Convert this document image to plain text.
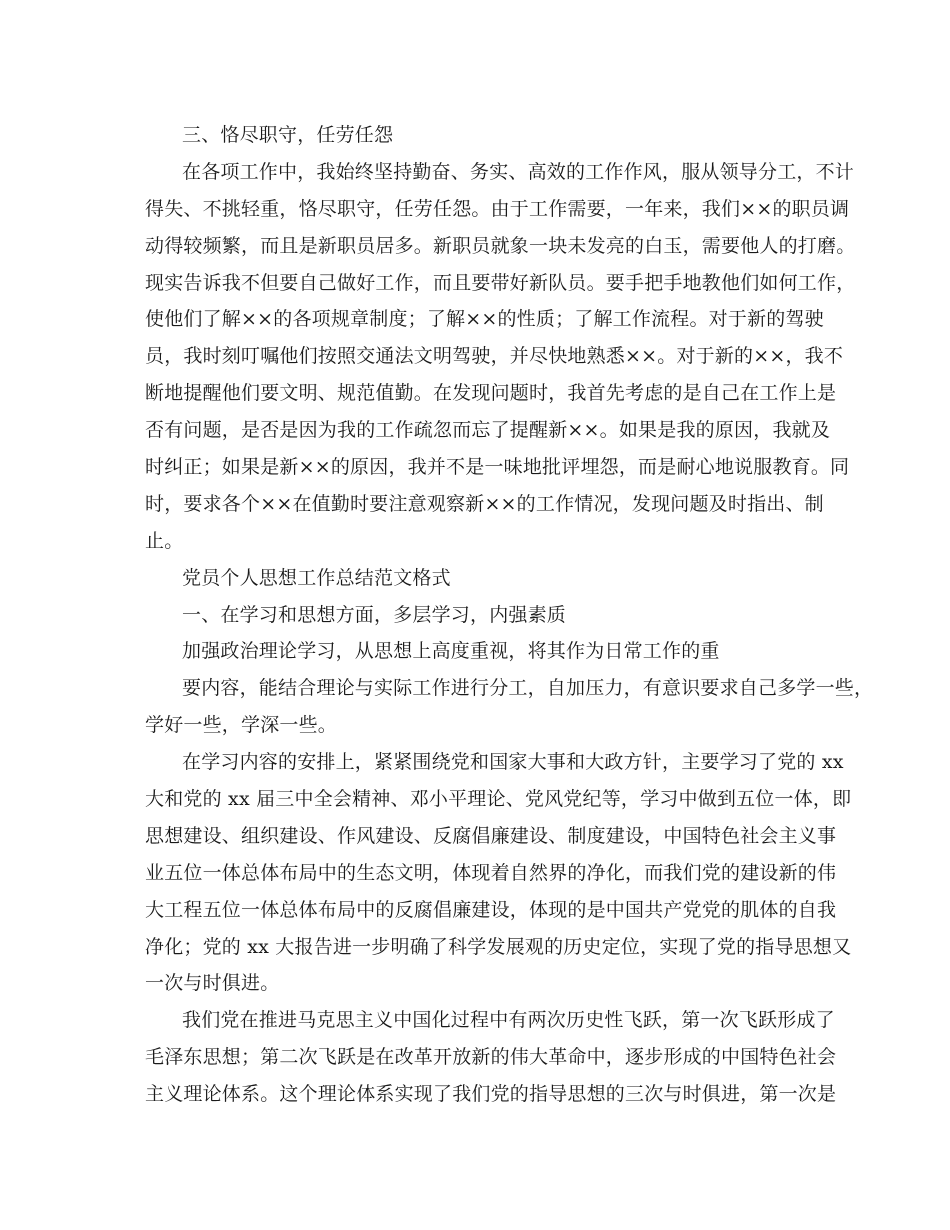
三、恪尽职守，任劳任怨
在各项工作中，我始终坚持勤奋、务实、高效的工作作风，服从领导分工，不计
得失、不挑轻重，恪尽职守，任劳任怨。由于工作需要，一年来，我们××的职员调
动得较频繁，而且是新职员居多。新职员就象一块未发亮的白玉，需要他人的打磨。
现实告诉我不但要自己做好工作，而且要带好新队员。要手把手地教他们如何工作，
使他们了解××的各项规章制度；了解××的性质；了解工作流程。对于新的驾驶
员，我时刻叮嘱他们按照交通法文明驾驶，并尽快地熟悉××。对于新的××，我不
断地提醒他们要文明、规范值勤。在发现问题时，我首先考虑的是自己在工作上是
否有问题，是否是因为我的工作疏忽而忘了提醒新××。如果是我的原因，我就及
时纠正；如果是新××的原因，我并不是一味地批评埋怨，而是耐心地说服教育。同
时，要求各个××在值勤时要注意观察新××的工作情况，发现问题及时指出、制
止。
党员个人思想工作总结范文格式
一、在学习和思想方面，多层学习，内强素质
加强政治理论学习，从思想上高度重视，将其作为日常工作的重
要内容，能结合理论与实际工作进行分工，自加压力，有意识要求自己多学一些，
学好一些，学深一些。
在学习内容的安排上，紧紧围绕党和国家大事和大政方针，主要学习了党的 xx
大和党的 xx 届三中全会精神、邓小平理论、党风党纪等，学习中做到五位一体，即
思想建设、组织建设、作风建设、反腐倡廉建设、制度建设，中国特色社会主义事
业五位一体总体布局中的生态文明，体现着自然界的净化，而我们党的建设新的伟
大工程五位一体总体布局中的反腐倡廉建设，体现的是中国共产党党的肌体的自我
净化；党的 xx 大报告进一步明确了科学发展观的历史定位，实现了党的指导思想又
一次与时俱进。
我们党在推进马克思主义中国化过程中有两次历史性飞跃，第一次飞跃形成了
毛泽东思想；第二次飞跃是在改革开放新的伟大革命中，逐步形成的中国特色社会
主义理论体系。这个理论体系实现了我们党的指导思想的三次与时俱进，第一次是
